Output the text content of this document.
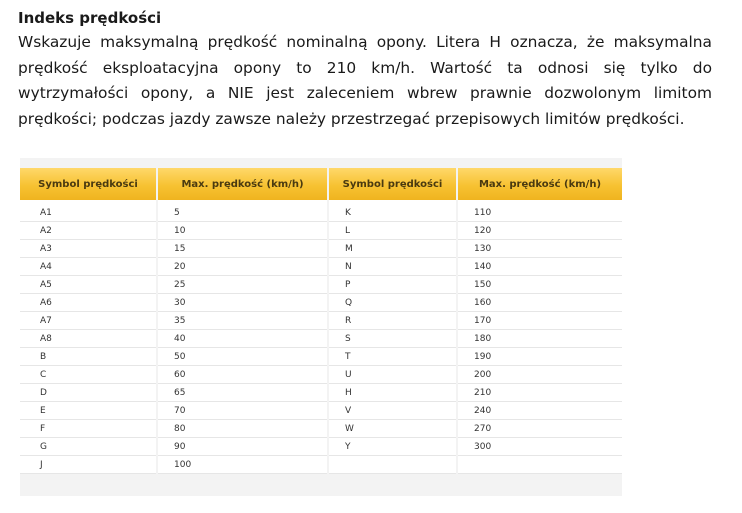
Indeks prędkości

Wskazuje maksymalną prędkość nominalną opony. Litera H oznacza, że maksymalna prędkość eksploatacyjna opony to 210 km/h. Wartość ta odnosi się tylko do wytrzymałości opony, a NIE jest zaleceniem wbrew prawnie dozwolonym limitom prędkości; podczas jazdy zawsze należy przestrzegać przepisowych limitów prędkości.

Symbol prędkości	Max. prędkość (km/h)	Symbol prędkości	Max. prędkość (km/h)
A1	5	K	110
A2	10	L	120
A3	15	M	130
A4	20	N	140
A5	25	P	150
A6	30	Q	160
A7	35	R	170
A8	40	S	180
B	50	T	190
C	60	U	200
D	65	H	210
E	70	V	240
F	80	W	270
G	90	Y	300
J	100		
